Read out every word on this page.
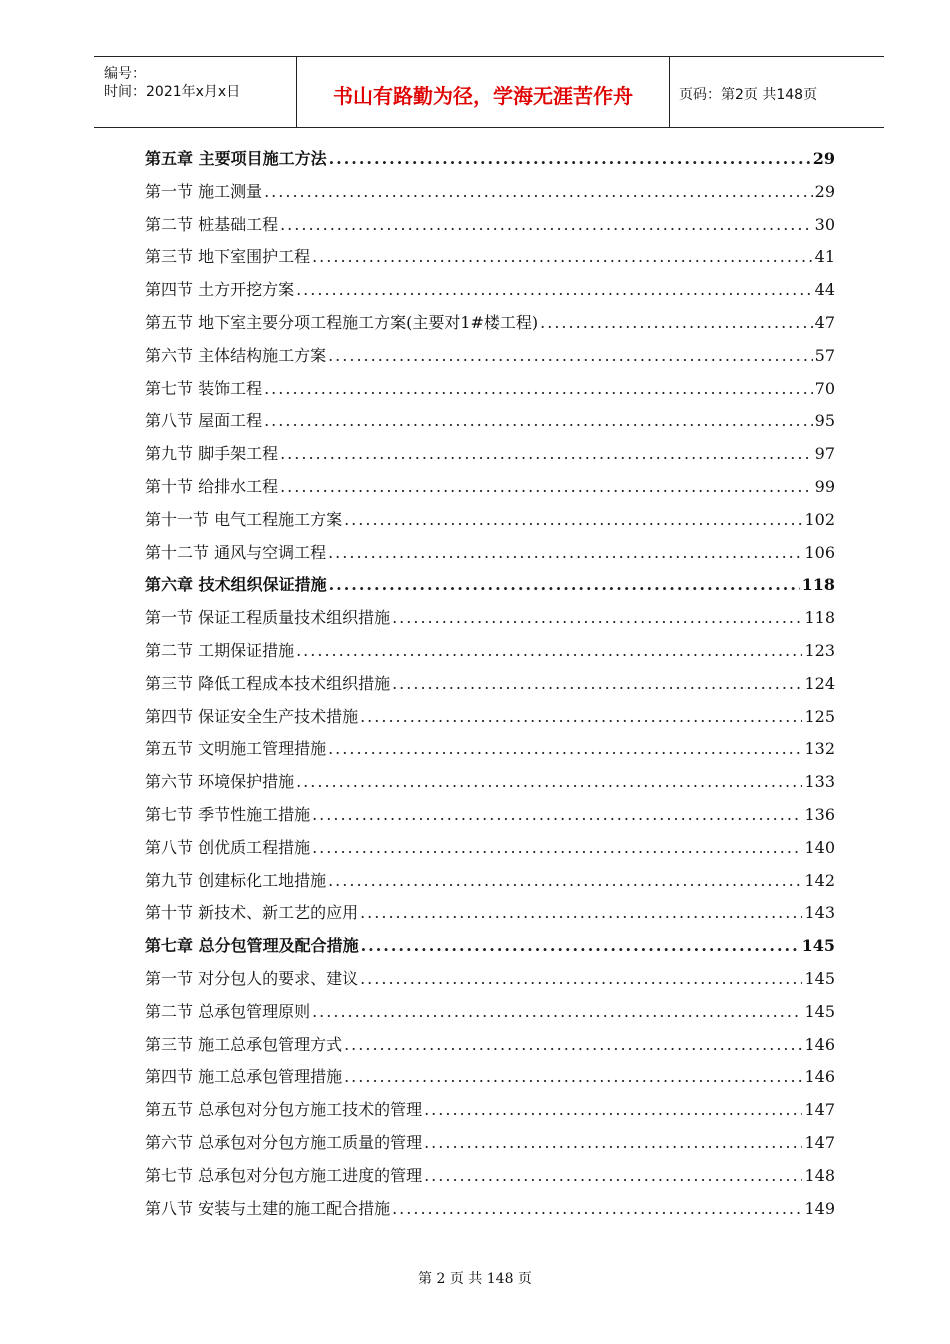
编号：
时间：2021年x月x日	书山有路勤为径，学海无涯苦作舟	页码：第2页 共148页
第五章 主要项目施工方法 .....	29
第一节 施工测量 .....	29
第二节 桩基础工程 .....	30
第三节 地下室围护工程 .....	41
第四节 土方开挖方案 .....	44
第五节 地下室主要分项工程施工方案(主要对1#楼工程) .....	47
第六节 主体结构施工方案 .....	57
第七节 装饰工程 .....	70
第八节 屋面工程 .....	95
第九节 脚手架工程 .....	97
第十节 给排水工程 .....	99
第十一节 电气工程施工方案 .....	102
第十二节 通风与空调工程 .....	106
第六章 技术组织保证措施 .....	118
第一节 保证工程质量技术组织措施 .....	118
第二节 工期保证措施 .....	123
第三节 降低工程成本技术组织措施 .....	124
第四节 保证安全生产技术措施 .....	125
第五节 文明施工管理措施 .....	132
第六节 环境保护措施 .....	133
第七节 季节性施工措施 .....	136
第八节 创优质工程措施 .....	140
第九节 创建标化工地措施 .....	142
第十节 新技术、新工艺的应用 .....	143
第七章 总分包管理及配合措施 .....	145
第一节 对分包人的要求、建议 .....	145
第二节 总承包管理原则 .....	145
第三节 施工总承包管理方式 .....	146
第四节 施工总承包管理措施 .....	146
第五节 总承包对分包方施工技术的管理 .....	147
第六节 总承包对分包方施工质量的管理 .....	147
第七节 总承包对分包方施工进度的管理 .....	148
第八节 安装与土建的施工配合措施 .....	149
第 2 页 共 148 页
